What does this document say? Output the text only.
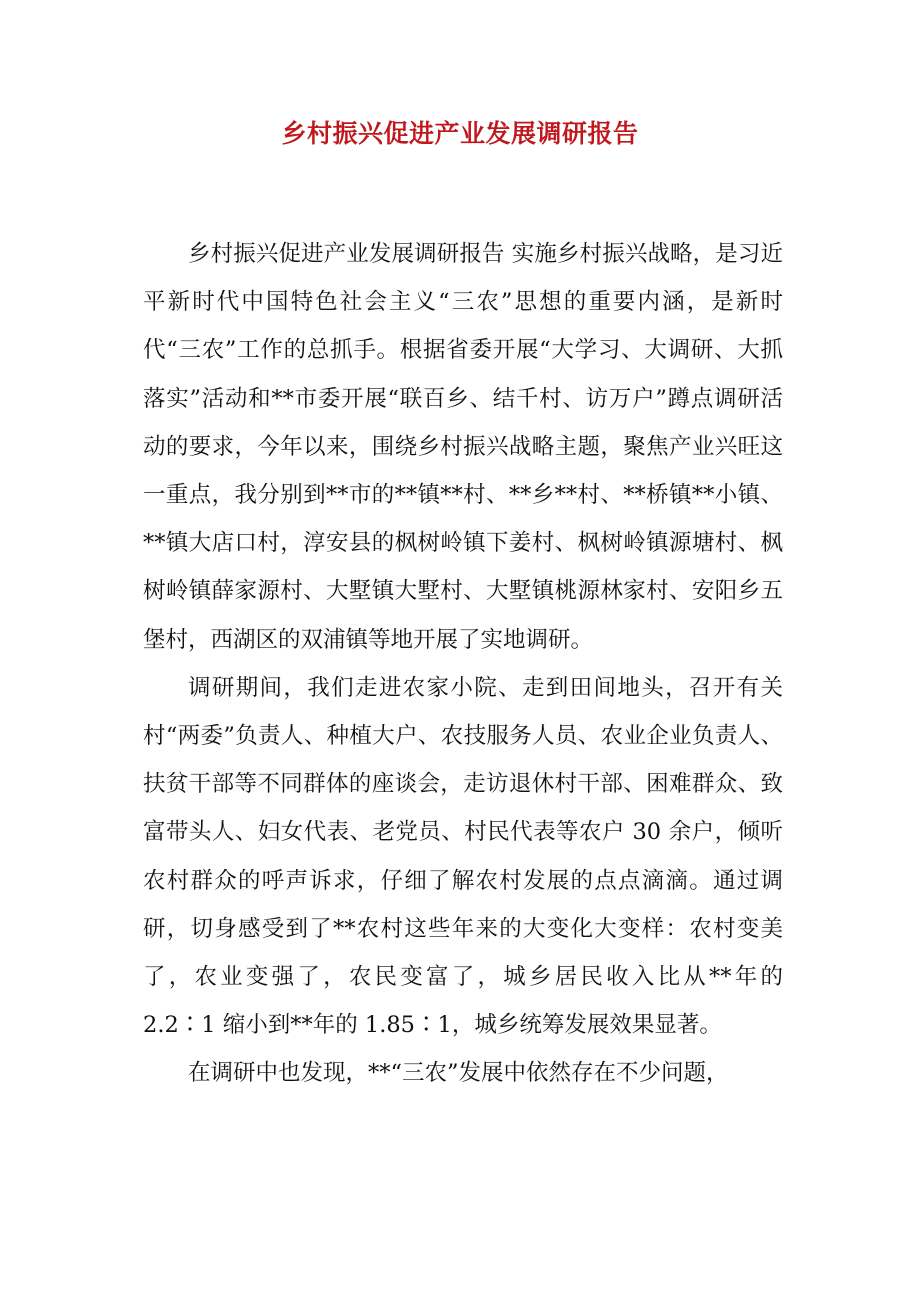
乡村振兴促进产业发展调研报告

乡村振兴促进产业发展调研报告 实施乡村振兴战略，是习近平新时代中国特色社会主义“三农”思想的重要内涵，是新时代“三农”工作的总抓手。根据省委开展“大学习、大调研、大抓落实”活动和**市委开展“联百乡、结千村、访万户”蹲点调研活动的要求，今年以来，围绕乡村振兴战略主题，聚焦产业兴旺这一重点，我分别到**市的**镇**村、**乡**村、**桥镇**小镇、**镇大店口村，淳安县的枫树岭镇下姜村、枫树岭镇源塘村、枫树岭镇薛家源村、大墅镇大墅村、大墅镇桃源林家村、安阳乡五堡村，西湖区的双浦镇等地开展了实地调研。

调研期间，我们走进农家小院、走到田间地头，召开有关村“两委”负责人、种植大户、农技服务人员、农业企业负责人、扶贫干部等不同群体的座谈会，走访退休村干部、困难群众、致富带头人、妇女代表、老党员、村民代表等农户 30 余户，倾听农村群众的呼声诉求，仔细了解农村发展的点点滴滴。通过调研，切身感受到了**农村这些年来的大变化大变样：农村变美了，农业变强了，农民变富了，城乡居民收入比从**年的 2.2∶1 缩小到**年的 1.85∶1，城乡统筹发展效果显著。

在调研中也发现，**“三农”发展中依然存在不少问题，
